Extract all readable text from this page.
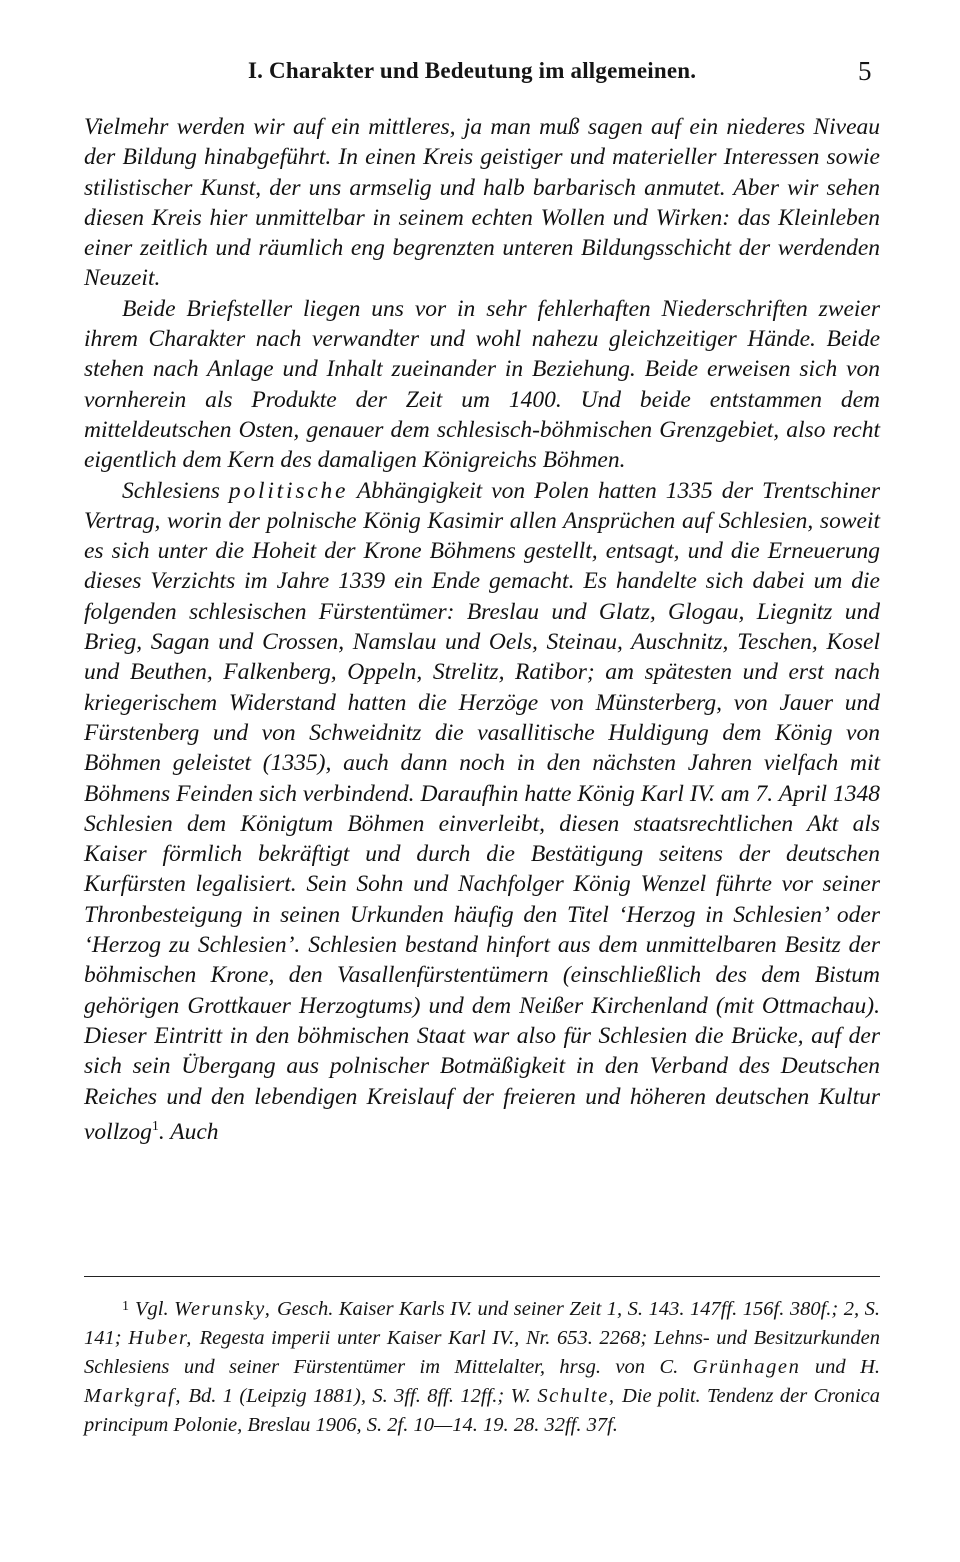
I. Charakter und Bedeutung im allgemeinen.	5

Vielmehr werden wir auf ein mittleres, ja man muß sagen auf ein niederes Niveau der Bildung hinabgeführt. In einen Kreis geistiger und materieller Interessen sowie stilistischer Kunst, der uns armselig und halb barbarisch anmutet. Aber wir sehen diesen Kreis hier unmittelbar in seinem echten Wollen und Wirken: das Kleinleben einer zeitlich und räumlich eng begrenzten unteren Bildungsschicht der werdenden Neuzeit.

Beide Briefsteller liegen uns vor in sehr fehlerhaften Niederschriften zweier ihrem Charakter nach verwandter und wohl nahezu gleichzeitiger Hände. Beide stehen nach Anlage und Inhalt zueinander in Beziehung. Beide erweisen sich von vornherein als Produkte der Zeit um 1400. Und beide entstammen dem mitteldeutschen Osten, genauer dem schlesisch-böhmischen Grenzgebiet, also recht eigentlich dem Kern des damaligen Königreichs Böhmen.

Schlesiens politische Abhängigkeit von Polen hatten 1335 der Trentschiner Vertrag, worin der polnische König Kasimir allen Ansprüchen auf Schlesien, soweit es sich unter die Hoheit der Krone Böhmens gestellt, entsagt, und die Erneuerung dieses Verzichts im Jahre 1339 ein Ende gemacht. Es handelte sich dabei um die folgenden schlesischen Fürstentümer: Breslau und Glatz, Glogau, Liegnitz und Brieg, Sagan und Crossen, Namslau und Oels, Steinau, Auschnitz, Teschen, Kosel und Beuthen, Falkenberg, Oppeln, Strelitz, Ratibor; am spätesten und erst nach kriegerischem Widerstand hatten die Herzöge von Münsterberg, von Jauer und Fürstenberg und von Schweidnitz die vasallitische Huldigung dem König von Böhmen geleistet (1335), auch dann noch in den nächsten Jahren vielfach mit Böhmens Feinden sich verbindend. Daraufhin hatte König Karl IV. am 7. April 1348 Schlesien dem Königtum Böhmen einverleibt, diesen staatsrechtlichen Akt als Kaiser förmlich bekräftigt und durch die Bestätigung seitens der deutschen Kurfürsten legalisiert. Sein Sohn und Nachfolger König Wenzel führte vor seiner Thronbesteigung in seinen Urkunden häufig den Titel ‘Herzog in Schlesien’ oder ‘Herzog zu Schlesien’. Schlesien bestand hinfort aus dem unmittelbaren Besitz der böhmischen Krone, den Vasallenfürstentümern (einschließlich des dem Bistum gehörigen Grottkauer Herzogtums) und dem Neißer Kirchenland (mit Ottmachau). Dieser Eintritt in den böhmischen Staat war also für Schlesien die Brücke, auf der sich sein Übergang aus polnischer Botmäßigkeit in den Verband des Deutschen Reiches und den lebendigen Kreislauf der freieren und höheren deutschen Kultur vollzog$^1$. Auch

$^1$ Vgl. Werunsky, Gesch. Kaiser Karls IV. und seiner Zeit 1, S. 143. 147ff. 156f. 380f.; 2, S. 141; Huber, Regesta imperii unter Kaiser Karl IV., Nr. 653. 2268; Lehns- und Besitzurkunden Schlesiens und seiner Fürstentümer im Mittelalter, hrsg. von C. Grünhagen und H. Markgraf, Bd. 1 (Leipzig 1881), S. 3ff. 8ff. 12ff.; W. Schulte, Die polit. Tendenz der Cronica principum Polonie, Breslau 1906, S. 2f. 10—14. 19. 28. 32ff. 37f.
